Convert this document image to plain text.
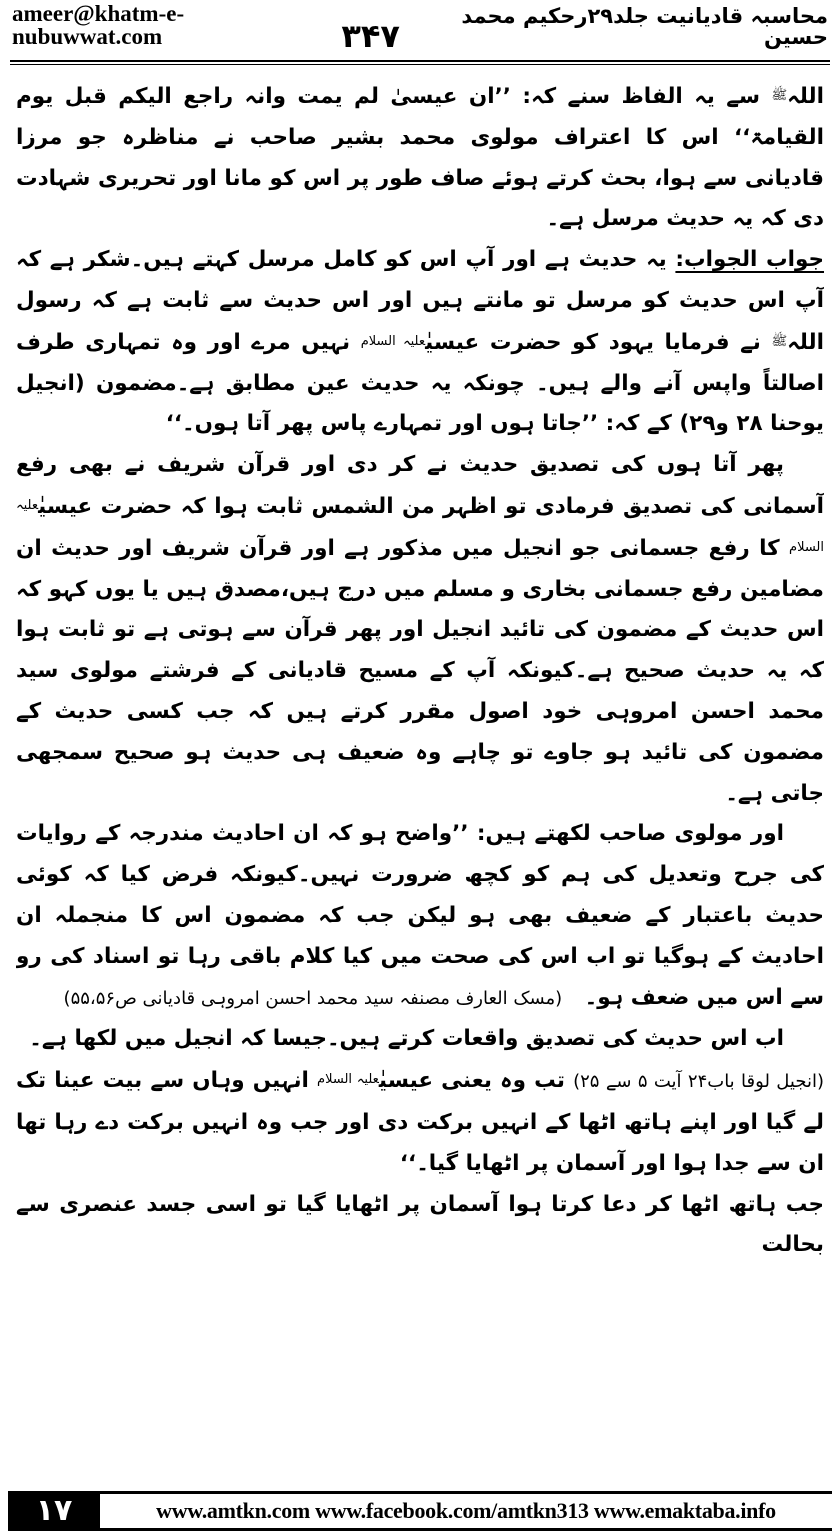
ameer@khatm-e-nubuwwat.com	۳۴۷
محاسبہ قادیانیت جلد۲۹رحکیم محمد حسین

اللہﷺ سے یہ الفاظ سنے کہ: ’’ان عیسیٰ لم یمت وانہ راجع الیکم قبل یوم القیامۃ‘‘ اس کا اعتراف مولوی محمد بشیر صاحب نے مناظرہ جو مرزا قادیانی سے ہوا، بحث کرتے ہوئے صاف طور پر اس کو مانا اور تحریری شہادت دی کہ یہ حدیث مرسل ہے۔

جواب الجواب: یہ حدیث ہے اور آپ اس کو کامل مرسل کہتے ہیں۔شکر ہے کہ آپ اس حدیث کو مرسل تو مانتے ہیں اور اس حدیث سے ثابت ہے کہ رسول اللہﷺ نے فرمایا یہود کو حضرت عیسیٰعلیہ السلام نہیں مرے اور وہ تمہاری طرف اصالتاً واپس آنے والے ہیں۔ چونکہ یہ حدیث عین مطابق ہے۔مضمون (انجیل یوحنا ۲۸ و۲۹) کے کہ: ’’جاتا ہوں اور تمہارے پاس پھر آتا ہوں۔‘‘

پھر آتا ہوں کی تصدیق حدیث نے کر دی اور قرآن شریف نے بھی رفع آسمانی کی تصدیق فرمادی تو اظہر من الشمس ثابت ہوا کہ حضرت عیسیٰعلیہ السلام کا رفع جسمانی جو انجیل میں مذکور ہے اور قرآن شریف اور حدیث ان مضامین رفع جسمانی بخاری و مسلم میں درج ہیں،مصدق ہیں یا یوں کہو کہ اس حدیث کے مضمون کی تائید انجیل اور پھر قرآن سے ہوتی ہے تو ثابت ہوا کہ یہ حدیث صحیح ہے۔کیونکہ آپ کے مسیح قادیانی کے فرشتے مولوی سید محمد احسن امروہی خود اصول مقرر کرتے ہیں کہ جب کسی حدیث کے مضمون کی تائید ہو جاوے تو چاہے وہ ضعیف ہی حدیث ہو صحیح سمجھی جاتی ہے۔

اور مولوی صاحب لکھتے ہیں: ’’واضح ہو کہ ان احادیث مندرجہ کے روایات کی جرح وتعدیل کی ہم کو کچھ ضرورت نہیں۔کیونکہ فرض کیا کہ کوئی حدیث باعتبار کے ضعیف بھی ہو لیکن جب کہ مضمون اس کا منجملہ ان احادیث کے ہوگیا تو اب اس کی صحت میں کیا کلام باقی رہا تو اسناد کی رو سے اس میں ضعف ہو۔   (مسک العارف مصنفہ سید محمد احسن امروہی قادیانی ص۵۵،۵۶)

اب اس حدیث کی تصدیق واقعات کرتے ہیں۔جیسا کہ انجیل میں لکھا ہے۔

(انجیل لوقا باب۲۴ آیت ۵ سے ۲۵) تب وہ یعنی عیسیٰعلیہ السلام انہیں وہاں سے بیت عینا تک لے گیا اور اپنے ہاتھ اٹھا کے انہیں برکت دی اور جب وہ انہیں برکت دے رہا تھا ان سے جدا ہوا اور آسمان پر اٹھایا گیا۔‘‘

جب ہاتھ اٹھا کر دعا کرتا ہوا آسمان پر اٹھایا گیا تو اسی جسد عنصری سے بحالت

۱۷	www.amtkn.com www.facebook.com/amtkn313 www.emaktaba.info
